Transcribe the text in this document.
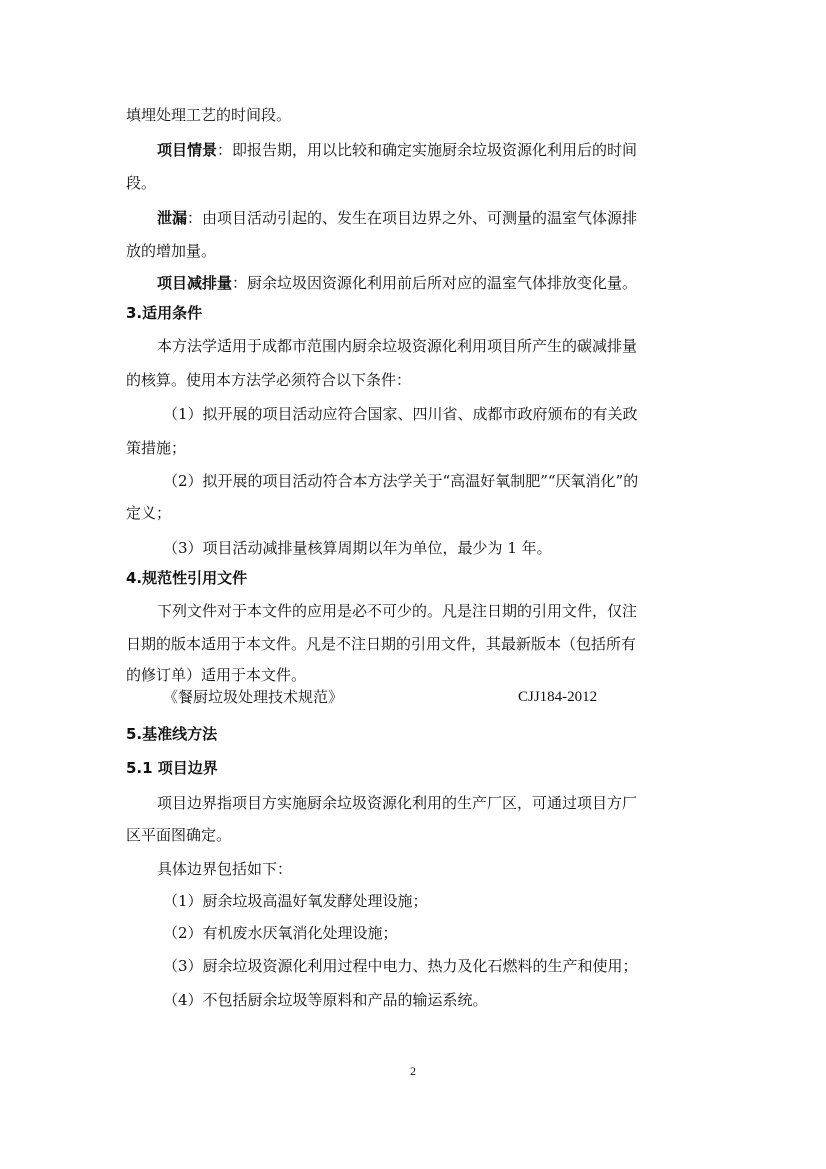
填埋处理工艺的时间段。
项目情景：即报告期，用以比较和确定实施厨余垃圾资源化利用后的时间
段。
泄漏：由项目活动引起的、发生在项目边界之外、可测量的温室气体源排
放的增加量。
项目减排量：厨余垃圾因资源化利用前后所对应的温室气体排放变化量。
3.适用条件
本方法学适用于成都市范围内厨余垃圾资源化利用项目所产生的碳减排量
的核算。使用本方法学必须符合以下条件：
（1）拟开展的项目活动应符合国家、四川省、成都市政府颁布的有关政
策措施；
（2）拟开展的项目活动符合本方法学关于“高温好氧制肥”“厌氧消化”的
定义；
（3）项目活动减排量核算周期以年为单位，最少为 1 年。
4.规范性引用文件
下列文件对于本文件的应用是必不可少的。凡是注日期的引用文件，仅注
日期的版本适用于本文件。凡是不注日期的引用文件，其最新版本（包括所有
的修订单）适用于本文件。
《餐厨垃圾处理技术规范》	CJJ184-2012
5.基准线方法
5.1 项目边界
项目边界指项目方实施厨余垃圾资源化利用的生产厂区，可通过项目方厂
区平面图确定。
具体边界包括如下：
（1）厨余垃圾高温好氧发酵处理设施；
（2）有机废水厌氧消化处理设施；
（3）厨余垃圾资源化利用过程中电力、热力及化石燃料的生产和使用；
（4）不包括厨余垃圾等原料和产品的输运系统。
2
